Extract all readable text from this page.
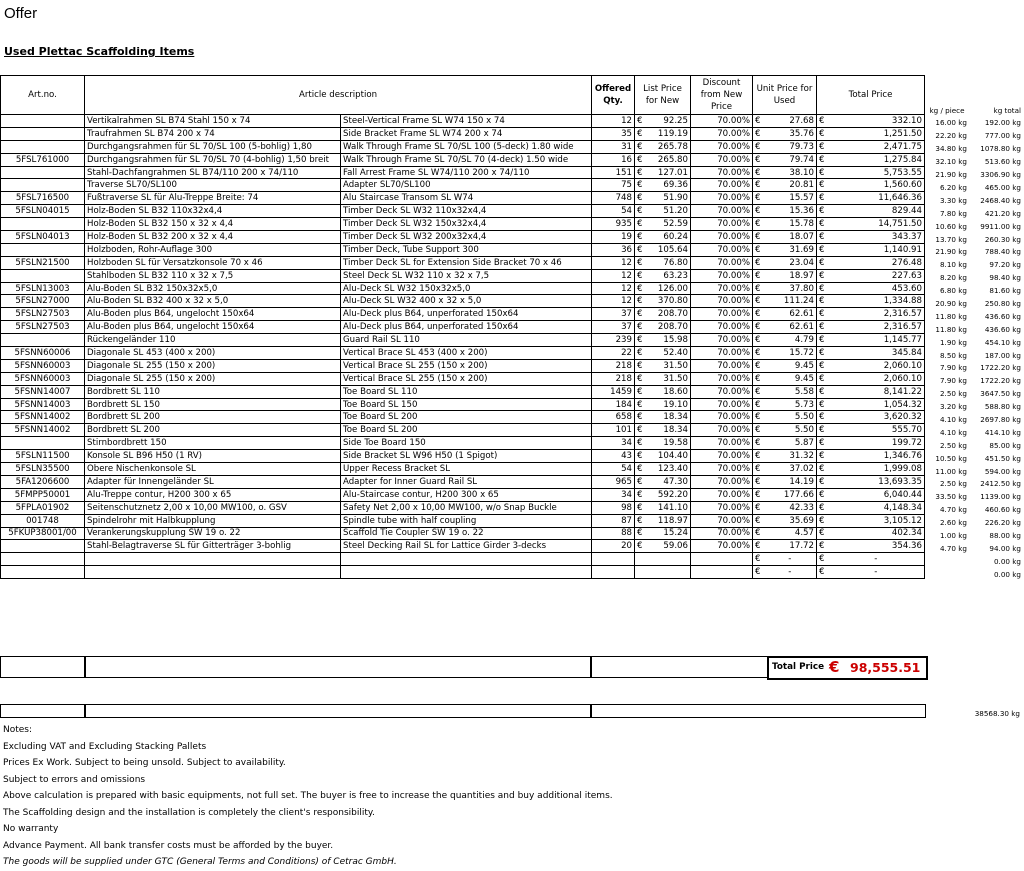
Offer
Used Plettac Scaffolding Items
Art.no.	Article description		Offered Qty.	List Price for New		Discount from New Price	Unit Price for Used		Total Price	
	Vertikalrahmen SL B74 Stahl 150 x 74	Steel-Vertical Frame SL W74 150 x 74	12	€	92.25	70.00%	€	27.68	€	332.10
	Traufrahmen SL B74 200 x 74	Side Bracket Frame SL W74 200 x 74	35	€	119.19	70.00%	€	35.76	€	1,251.50
	Durchgangsrahmen für SL 70/SL 100 (5-bohlig) 1,80	Walk Through Frame SL 70/SL 100 (5-deck) 1.80 wide	31	€	265.78	70.00%	€	79.73	€	2,471.75
5FSL761000	Durchgangsrahmen für SL 70/SL 70 (4-bohlig) 1,50 breit	Walk Through Frame SL 70/SL 70 (4-deck) 1.50 wide	16	€	265.80	70.00%	€	79.74	€	1,275.84
	Stahl-Dachfangrahmen SL B74/110 200 x 74/110	Fall Arrest Frame SL W74/110 200 x 74/110	151	€	127.01	70.00%	€	38.10	€	5,753.55
	Traverse SL70/SL100	Adapter SL70/SL100	75	€	69.36	70.00%	€	20.81	€	1,560.60
5FSL716500	Fußtraverse SL für Alu-Treppe Breite: 74	Alu Staircase Transom SL W74	748	€	51.90	70.00%	€	15.57	€	11,646.36
5FSLN04015	Holz-Boden SL B32 110x32x4,4	Timber Deck SL W32 110x32x4,4	54	€	51.20	70.00%	€	15.36	€	829.44
	Holz-Boden SL B32 150 x 32 x 4,4	Timber Deck SL W32 150x32x4,4	935	€	52.59	70.00%	€	15.78	€	14,751.50
5FSLN04013	Holz-Boden SL B32 200 x 32 x 4,4	Timber Deck SL W32 200x32x4,4	19	€	60.24	70.00%	€	18.07	€	343.37
	Holzboden, Rohr-Auflage 300	Timber Deck, Tube Support 300	36	€	105.64	70.00%	€	31.69	€	1,140.91
5FSLN21500	Holzboden SL für Versatzkonsole 70 x 46	Timber Deck SL for Extension Side Bracket 70 x 46	12	€	76.80	70.00%	€	23.04	€	276.48
	Stahlboden SL B32 110 x 32 x 7,5	Steel Deck SL W32 110 x 32 x 7,5	12	€	63.23	70.00%	€	18.97	€	227.63
5FSLN13003	Alu-Boden SL B32 150x32x5,0	Alu-Deck SL W32 150x32x5,0	12	€	126.00	70.00%	€	37.80	€	453.60
5FSLN27000	Alu-Boden SL B32 400 x 32 x 5,0	Alu-Deck SL W32 400 x 32 x 5,0	12	€	370.80	70.00%	€	111.24	€	1,334.88
5FSLN27503	Alu-Boden plus B64, ungelocht 150x64	Alu-Deck plus B64, unperforated 150x64	37	€	208.70	70.00%	€	62.61	€	2,316.57
5FSLN27503	Alu-Boden plus B64, ungelocht 150x64	Alu-Deck plus B64, unperforated 150x64	37	€	208.70	70.00%	€	62.61	€	2,316.57
	Rückengeländer 110	Guard Rail SL 110	239	€	15.98	70.00%	€	4.79	€	1,145.77
5FSNN60006	Diagonale SL 453 (400 x 200)	Vertical Brace SL 453 (400 x 200)	22	€	52.40	70.00%	€	15.72	€	345.84
5FSNN60003	Diagonale SL 255 (150 x 200)	Vertical Brace SL 255 (150 x 200)	218	€	31.50	70.00%	€	9.45	€	2,060.10
5FSNN60003	Diagonale SL 255 (150 x 200)	Vertical Brace SL 255 (150 x 200)	218	€	31.50	70.00%	€	9.45	€	2,060.10
5FSNN14007	Bordbrett SL 110	Toe Board SL 110	1459	€	18.60	70.00%	€	5.58	€	8,141.22
5FSNN14003	Bordbrett SL 150	Toe Board SL 150	184	€	19.10	70.00%	€	5.73	€	1,054.32
5FSNN14002	Bordbrett SL 200	Toe Board SL 200	658	€	18.34	70.00%	€	5.50	€	3,620.32
5FSNN14002	Bordbrett SL 200	Toe Board SL 200	101	€	18.34	70.00%	€	5.50	€	555.70
	Stirnbordbrett 150	Side Toe Board 150	34	€	19.58	70.00%	€	5.87	€	199.72
5FSLN11500	Konsole SL B96 H50 (1 RV)	Side Bracket SL W96 H50 (1 Spigot)	43	€	104.40	70.00%	€	31.32	€	1,346.76
5FSLN35500	Obere Nischenkonsole SL	Upper Recess Bracket SL	54	€	123.40	70.00%	€	37.02	€	1,999.08
5FA1206600	Adapter für Innengeländer SL	Adapter for Inner Guard Rail SL	965	€	47.30	70.00%	€	14.19	€	13,693.35
5FMPP50001	Alu-Treppe contur, H200 300 x 65	Alu-Staircase contur, H200 300 x 65	34	€	592.20	70.00%	€	177.66	€	6,040.44
5FPLA01902	Seitenschutznetz 2,00 x 10,00 MW100, o. GSV	Safety Net 2,00 x 10,00 MW100, w/o Snap Buckle	98	€	141.10	70.00%	€	42.33	€	4,148.34
001748	Spindelrohr mit Halbkupplung	Spindle tube with half coupling	87	€	118.97	70.00%	€	35.69	€	3,105.12
5FKUP38001/00	Verankerungskupplung SW 19 o. 22	Scaffold Tie Coupler SW 19 o. 22	88	€	15.24	70.00%	€	4.57	€	402.34
	Stahl-Belagtraverse SL für Gitterträger 3-bohlig	Steel Decking Rail SL for Lattice Girder 3-decks	20	€	59.06	70.00%	€	17.72	€	354.36
							€	-	€	-
							€	-	€	-
kg / piece	kg total
16.00 kg	192.00 kg
22.20 kg	777.00 kg
34.80 kg	1078.80 kg
32.10 kg	513.60 kg
21.90 kg	3306.90 kg
6.20 kg	465.00 kg
3.30 kg	2468.40 kg
7.80 kg	421.20 kg
10.60 kg	9911.00 kg
13.70 kg	260.30 kg
21.90 kg	788.40 kg
8.10 kg	97.20 kg
8.20 kg	98.40 kg
6.80 kg	81.60 kg
20.90 kg	250.80 kg
11.80 kg	436.60 kg
11.80 kg	436.60 kg
1.90 kg	454.10 kg
8.50 kg	187.00 kg
7.90 kg	1722.20 kg
7.90 kg	1722.20 kg
2.50 kg	3647.50 kg
3.20 kg	588.80 kg
4.10 kg	2697.80 kg
4.10 kg	414.10 kg
2.50 kg	85.00 kg
10.50 kg	451.50 kg
11.00 kg	594.00 kg
2.50 kg	2412.50 kg
33.50 kg	1139.00 kg
4.70 kg	460.60 kg
2.60 kg	226.20 kg
1.00 kg	88.00 kg
4.70 kg	94.00 kg
0.00 kg
0.00 kg
Total Price € 98,555.51
38568.30 kg
Notes:
Excluding VAT and Excluding Stacking Pallets
Prices Ex Work. Subject to being unsold. Subject to availability.
Subject to errors and omissions
Above calculation is prepared with basic equipments, not full set. The buyer is free to increase the quantities and buy additional items.
The Scaffolding design and the installation is completely the client's responsibility.
No warranty
Advance Payment. All bank transfer costs must be afforded by the buyer.
The goods will be supplied under GTC (General Terms and Conditions) of Cetrac GmbH.
